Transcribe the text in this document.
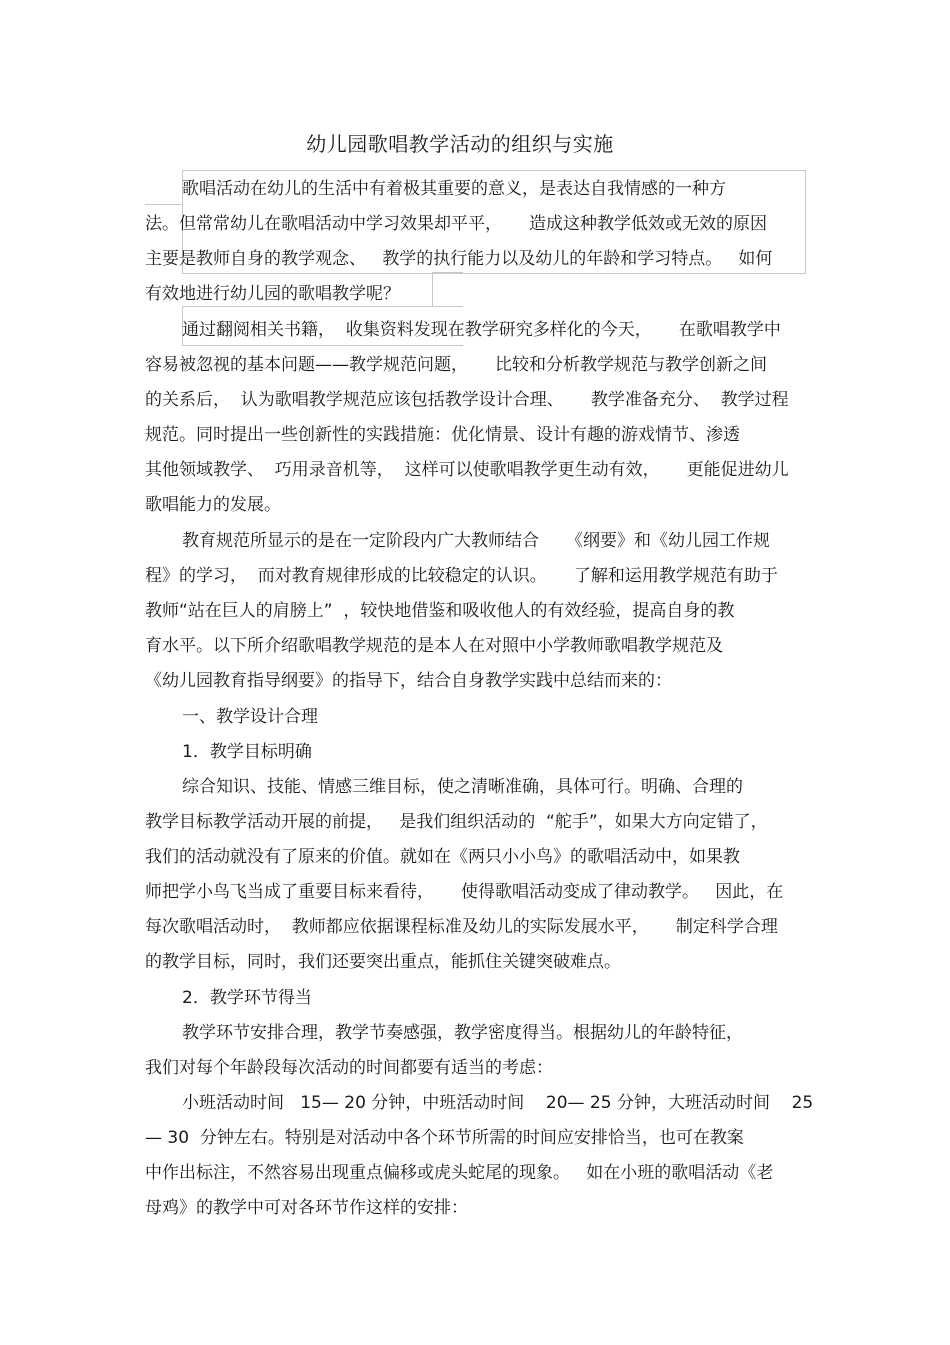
幼儿园歌唱教学活动的组织与实施
歌唱活动在幼儿的生活中有着极其重要的意义，是表达自我情感的一种方
法。但常常幼儿在歌唱活动中学习效果却平平，     造成这种教学低效或无效的原因
主要是教师自身的教学观念、   教学的执行能力以及幼儿的年龄和学习特点。   如何
有效地进行幼儿园的歌唱教学呢？
通过翻阅相关书籍，  收集资料发现在教学研究多样化的今天，     在歌唱教学中
容易被忽视的基本问题——教学规范问题，     比较和分析教学规范与教学创新之间
的关系后，  认为歌唱教学规范应该包括教学设计合理、     教学准备充分、  教学过程
规范。同时提出一些创新性的实践措施：优化情景、设计有趣的游戏情节、渗透
其他领域教学、  巧用录音机等，  这样可以使歌唱教学更生动有效，     更能促进幼儿
歌唱能力的发展。
教育规范所显示的是在一定阶段内广大教师结合     《纲要》和《幼儿园工作规
程》的学习，  而对教育规律形成的比较稳定的认识。     了解和运用教学规范有助于
教师“站在巨人的肩膀上”  ，较快地借鉴和吸收他人的有效经验，提高自身的教
育水平。以下所介绍歌唱教学规范的是本人在对照中小学教师歌唱教学规范及
《幼儿园教育指导纲要》的指导下，结合自身教学实践中总结而来的：
一、教学设计合理
1．教学目标明确
综合知识、技能、情感三维目标，使之清晰准确，具体可行。明确、合理的
教学目标教学活动开展的前提，   是我们组织活动的  “舵手”，如果大方向定错了，
我们的活动就没有了原来的价值。就如在《两只小小鸟》的歌唱活动中，如果教
师把学小鸟飞当成了重要目标来看待，     使得歌唱活动变成了律动教学。   因此，在
每次歌唱活动时，  教师都应依据课程标准及幼儿的实际发展水平，     制定科学合理
的教学目标，同时，我们还要突出重点，能抓住关键突破难点。
2．教学环节得当
教学环节安排合理，教学节奏感强，教学密度得当。根据幼儿的年龄特征，
我们对每个年龄段每次活动的时间都要有适当的考虑：
小班活动时间   15— 20 分钟，中班活动时间    20— 25 分钟，大班活动时间    25
— 30  分钟左右。特别是对活动中各个环节所需的时间应安排恰当，也可在教案
中作出标注，不然容易出现重点偏移或虎头蛇尾的现象。   如在小班的歌唱活动《老
母鸡》的教学中可对各环节作这样的安排：
